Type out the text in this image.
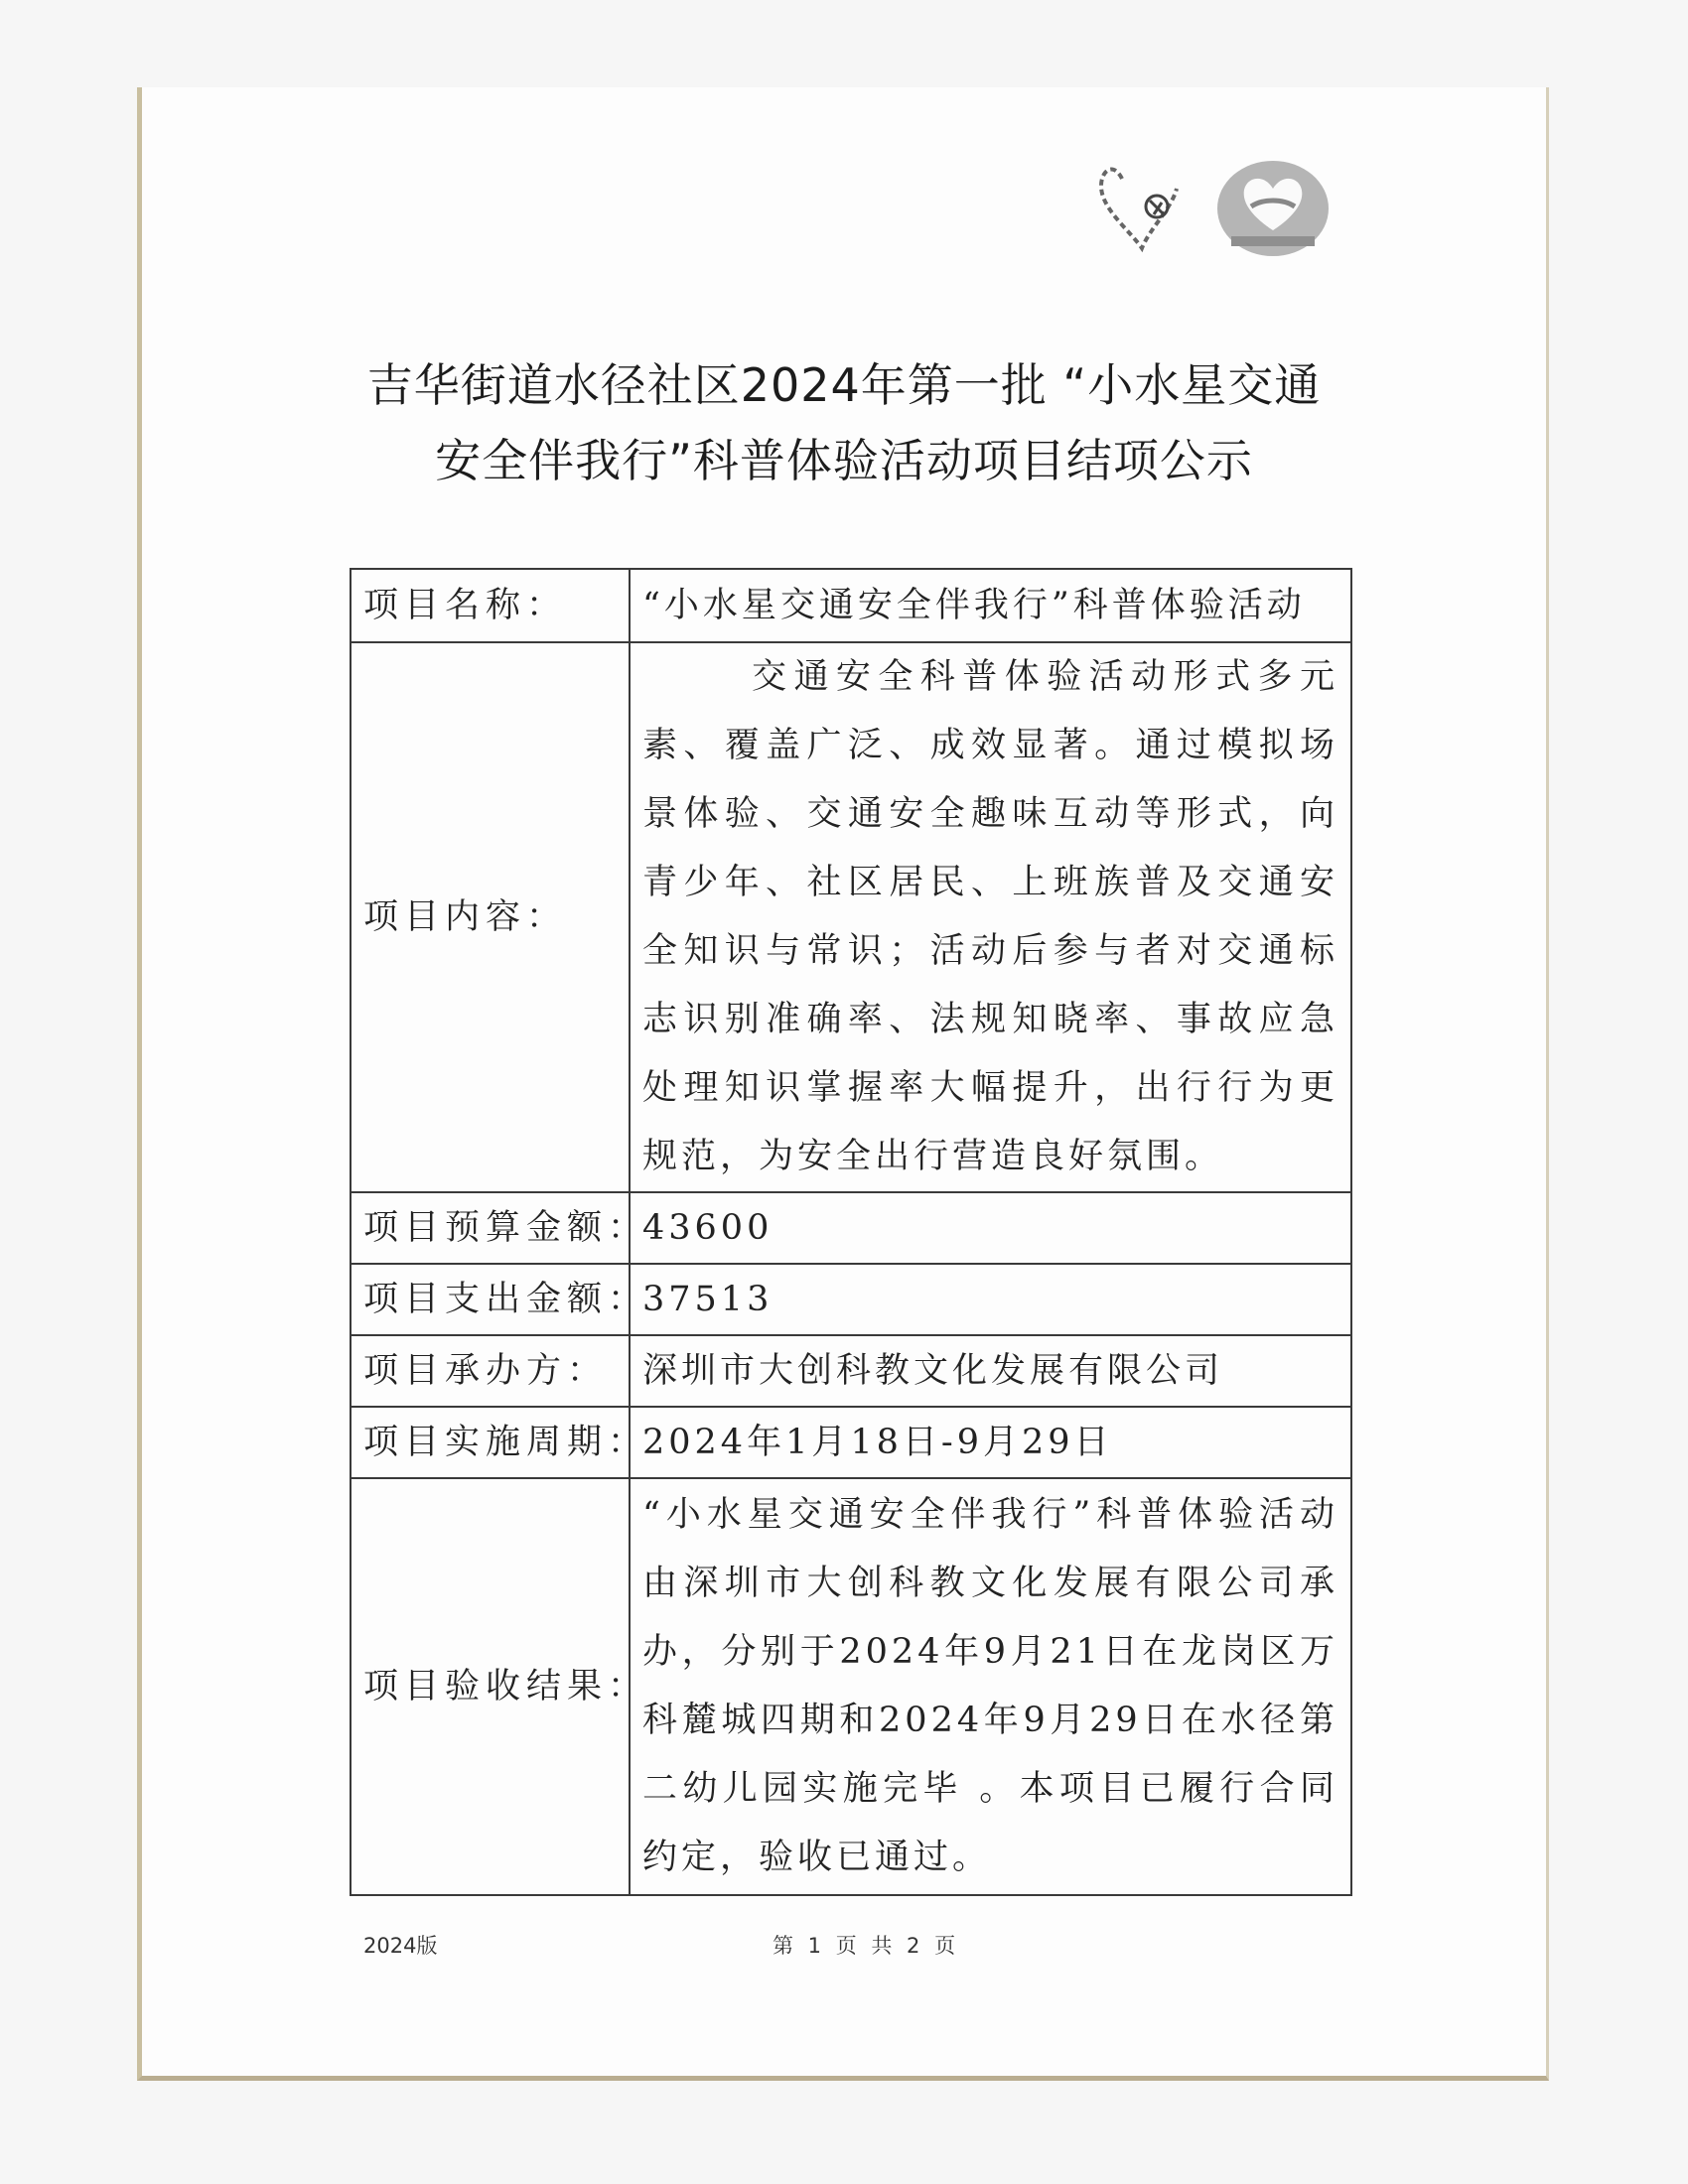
吉华街道水径社区2024年第一批 “小水星交通
安全伴我行”科普体验活动项目结项公示
项目名称：	“小水星交通安全伴我行”科普体验活动
项目内容：	交通安全科普体验活动形式多元素、覆盖广泛、成效显著。通过模拟场景体验、交通安全趣味互动等形式，向青少年、社区居民、上班族普及交通安全知识与常识；活动后参与者对交通标志识别准确率、法规知晓率、事故应急处理知识掌握率大幅提升，出行行为更规范，为安全出行营造良好氛围。
项目预算金额：	43600
项目支出金额：	37513
项目承办方：	深圳市大创科教文化发展有限公司
项目实施周期：	2024年1月18日-9月29日
项目验收结果：	“小水星交通安全伴我行”科普体验活动由深圳市大创科教文化发展有限公司承办，分别于2024年9月21日在龙岗区万科麓城四期和2024年9月29日在水径第二幼儿园实施完毕 。本项目已履行合同约定，验收已通过。
2024版	第 1 页 共 2 页
